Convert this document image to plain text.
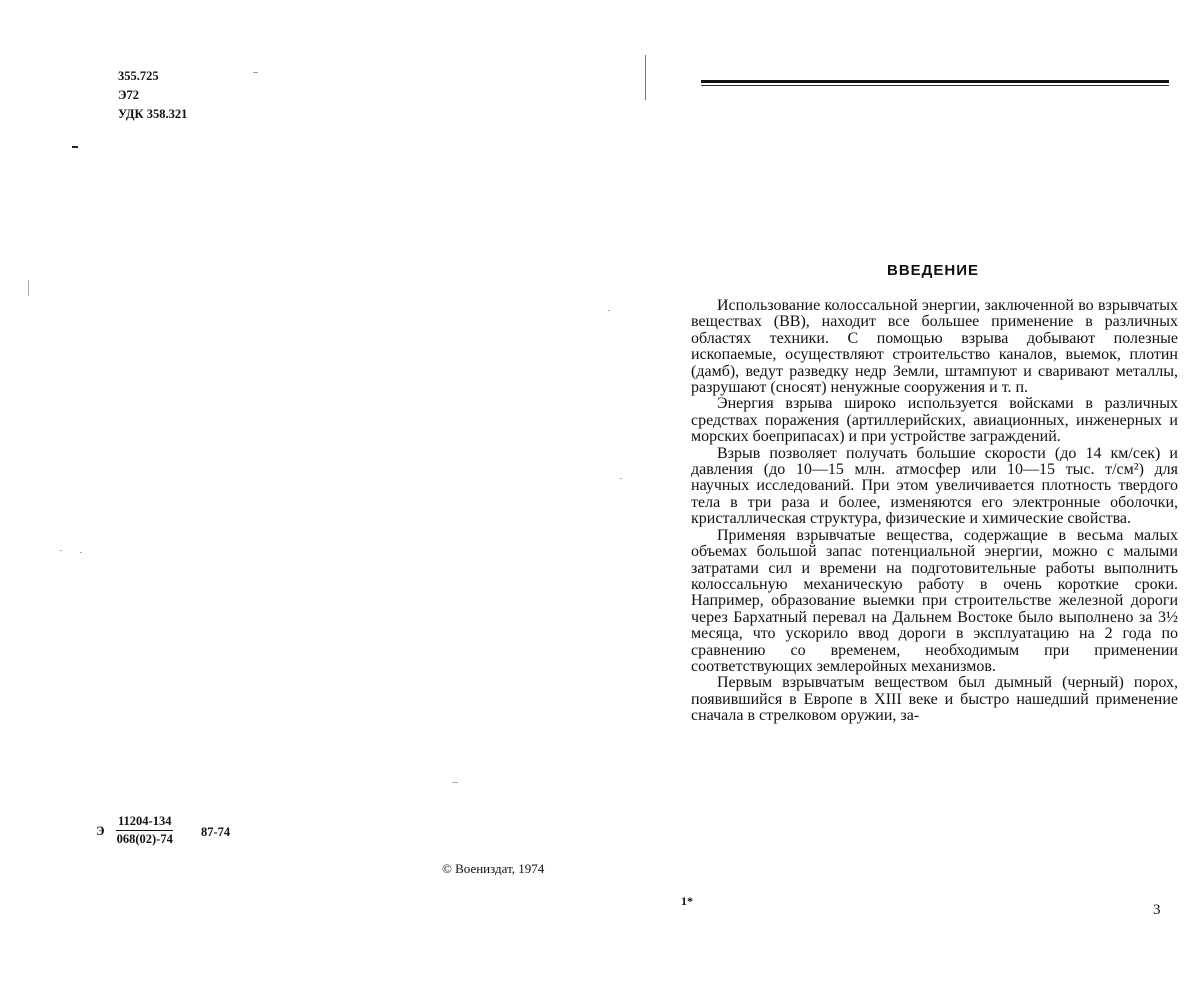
355.725
Э72
УДК 358.321
Э $\frac{11204-134}{068(02)-74} 87-74$
© Воениздат, 1974
ВВЕДЕНИЕ

Использование колоссальной энергии, заключенной во взрывчатых веществах (ВВ), находит все большее применение в различных областях техники. С помощью взрыва добывают полезные ископаемые, осуществляют строительство каналов, выемок, плотин (дамб), ведут разведку недр Земли, штампуют и сваривают металлы, разрушают (сносят) ненужные сооружения и т. п.

Энергия взрыва широко используется войсками в различных средствах поражения (артиллерийских, авиационных, инженерных и морских боеприпасах) и при устройстве заграждений.

Взрыв позволяет получать большие скорости (до 14 км/сек) и давления (до 10—15 млн. атмосфер или 10—15 тыс. т/см²) для научных исследований. При этом увеличивается плотность твердого тела в три раза и более, изменяются его электронные оболочки, кристаллическая структура, физические и химические свойства.

Применяя взрывчатые вещества, содержащие в весьма малых объемах большой запас потенциальной энергии, можно с малыми затратами сил и времени на подготовительные работы выполнить колоссальную механическую работу в очень короткие сроки. Например, образование выемки при строительстве железной дороги через Бархатный перевал на Дальнем Востоке было выполнено за 3½ месяца, что ускорило ввод дороги в эксплуатацию на 2 года по сравнению со временем, необходимым при применении соответствующих землеройных механизмов.

Первым взрывчатым веществом был дымный (черный) порох, появившийся в Европе в XIII веке и быстро нашедший применение сначала в стрелковом оружии, за-

1*
3
